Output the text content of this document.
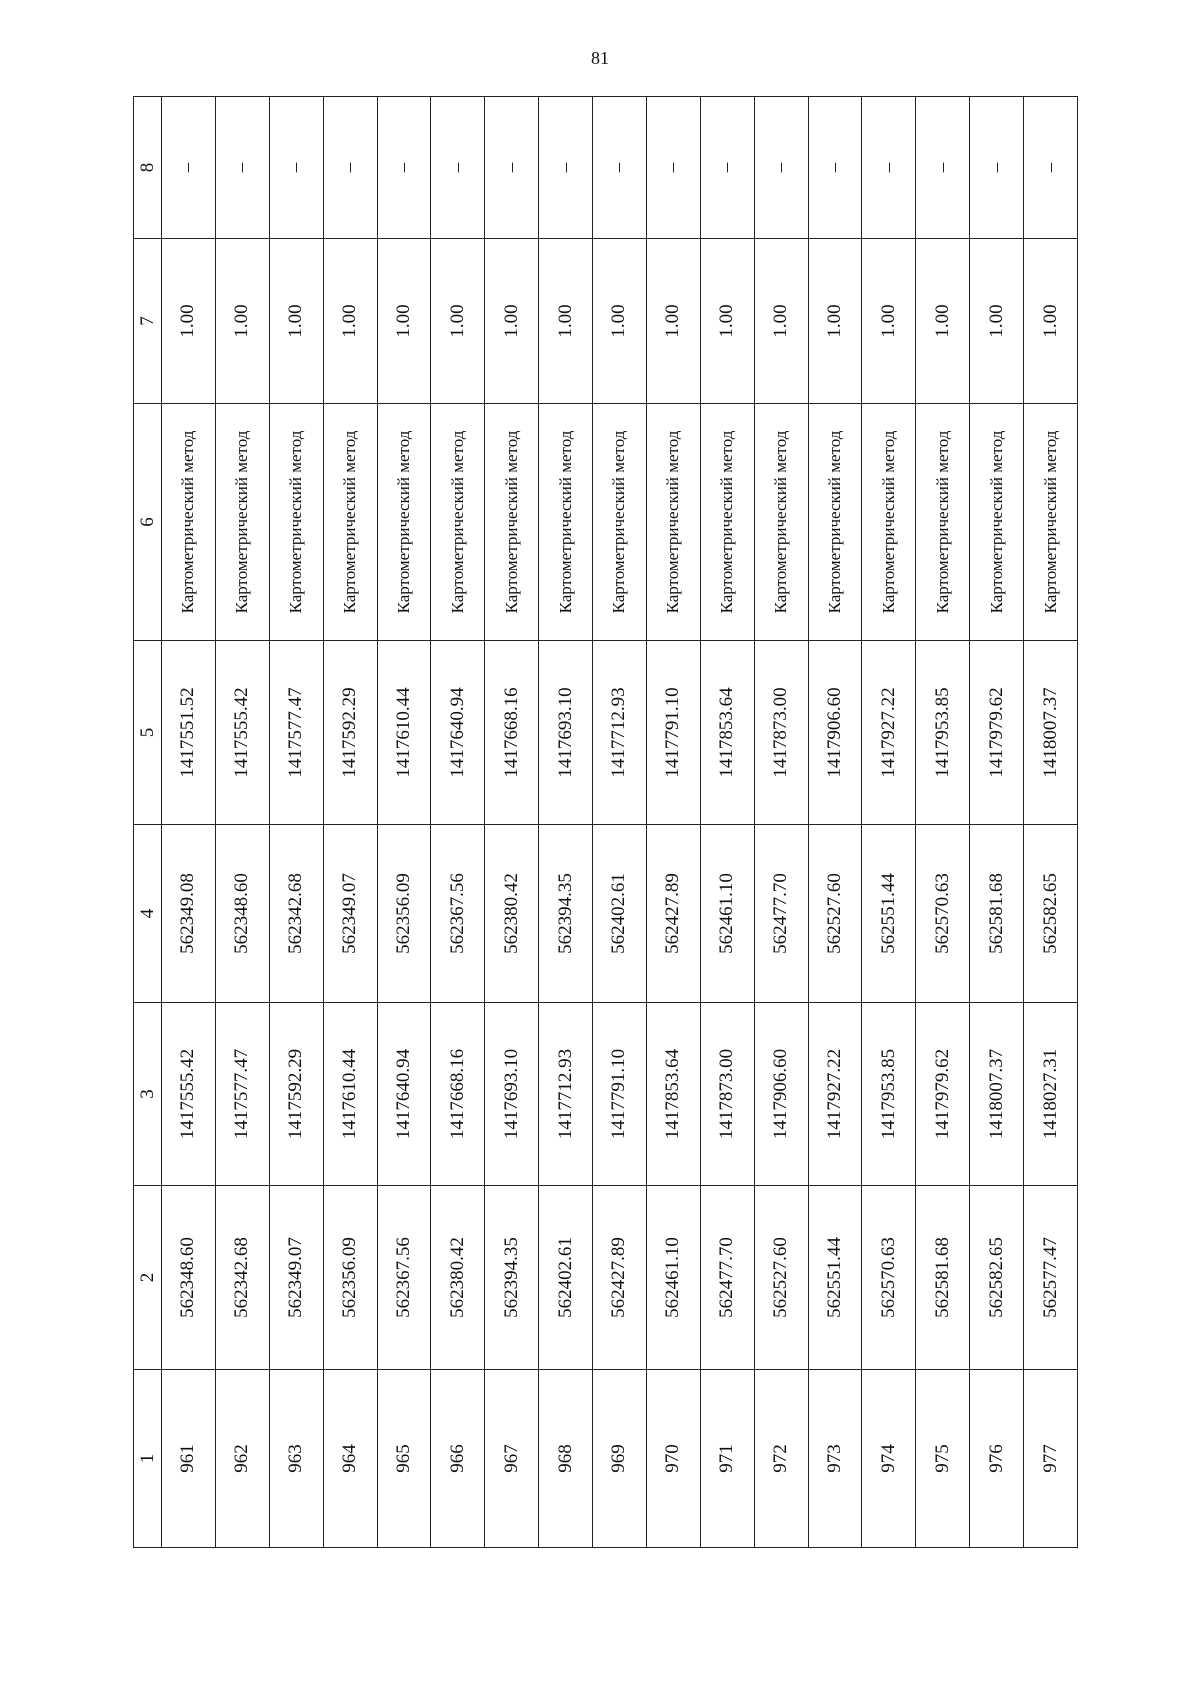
81
1	2	3	4	5	6	7	8
961	562348.60	1417555.42	562349.08	1417551.52	Картометрический метод	1.00	–
962	562342.68	1417577.47	562348.60	1417555.42	Картометрический метод	1.00	–
963	562349.07	1417592.29	562342.68	1417577.47	Картометрический метод	1.00	–
964	562356.09	1417610.44	562349.07	1417592.29	Картометрический метод	1.00	–
965	562367.56	1417640.94	562356.09	1417610.44	Картометрический метод	1.00	–
966	562380.42	1417668.16	562367.56	1417640.94	Картометрический метод	1.00	–
967	562394.35	1417693.10	562380.42	1417668.16	Картометрический метод	1.00	–
968	562402.61	1417712.93	562394.35	1417693.10	Картометрический метод	1.00	–
969	562427.89	1417791.10	562402.61	1417712.93	Картометрический метод	1.00	–
970	562461.10	1417853.64	562427.89	1417791.10	Картометрический метод	1.00	–
971	562477.70	1417873.00	562461.10	1417853.64	Картометрический метод	1.00	–
972	562527.60	1417906.60	562477.70	1417873.00	Картометрический метод	1.00	–
973	562551.44	1417927.22	562527.60	1417906.60	Картометрический метод	1.00	–
974	562570.63	1417953.85	562551.44	1417927.22	Картометрический метод	1.00	–
975	562581.68	1417979.62	562570.63	1417953.85	Картометрический метод	1.00	–
976	562582.65	1418007.37	562581.68	1417979.62	Картометрический метод	1.00	–
977	562577.47	1418027.31	562582.65	1418007.37	Картометрический метод	1.00	–
